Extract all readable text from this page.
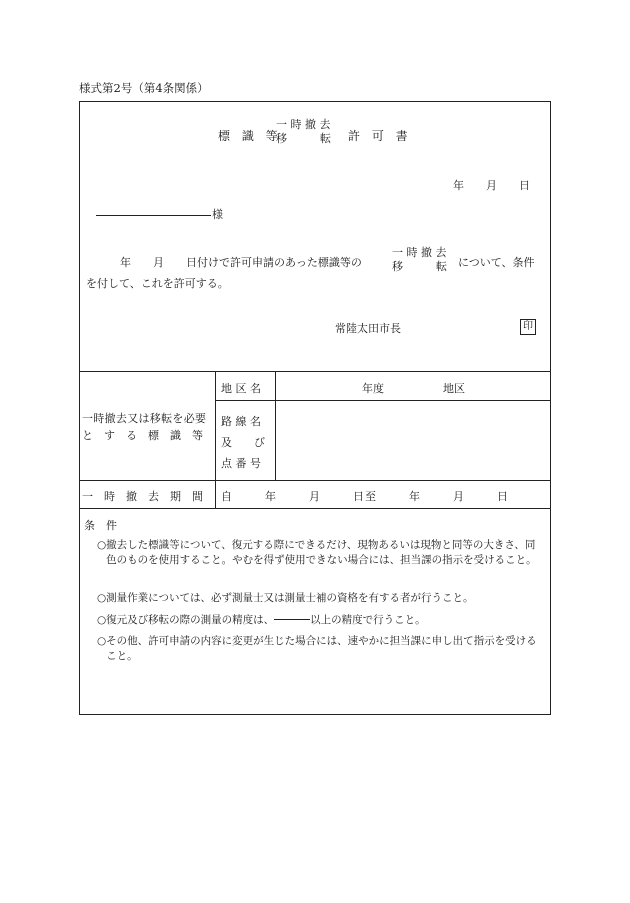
様式第2号（第4条関係）
標 識 等
一 時 撤 去
移　　　転 許 可 書
年　　月　　日
様
年　　月　　日付けで許可申請のあった標識等の
一 時 撤 去
移　　　転 について、条件
を付して、これを許可する。
常陸太田市長	印
一時撤去又は移転を必要
と　す　る　標　識　等
地 区 名	年度	地区
路 線 名
及　　び
点 番 号
一　時　撤　去　期　間 自	年　　　月　　　日 至	年　　　月　　　日
条　件
○ 撤去した標識等について、復元する際にできるだけ、現物あるいは現物と同等の大きさ、同色のものを使用すること。やむを得ず使用できない場合には、担当課の指示を受けること。
○ 測量作業については、必ず測量士又は測量士補の資格を有する者が行うこと。
○ 復元及び移転の際の測量の精度は、	以上の精度で行うこと。
○ その他、許可申請の内容に変更が生じた場合には、速やかに担当課に申し出て指示を受けること。
